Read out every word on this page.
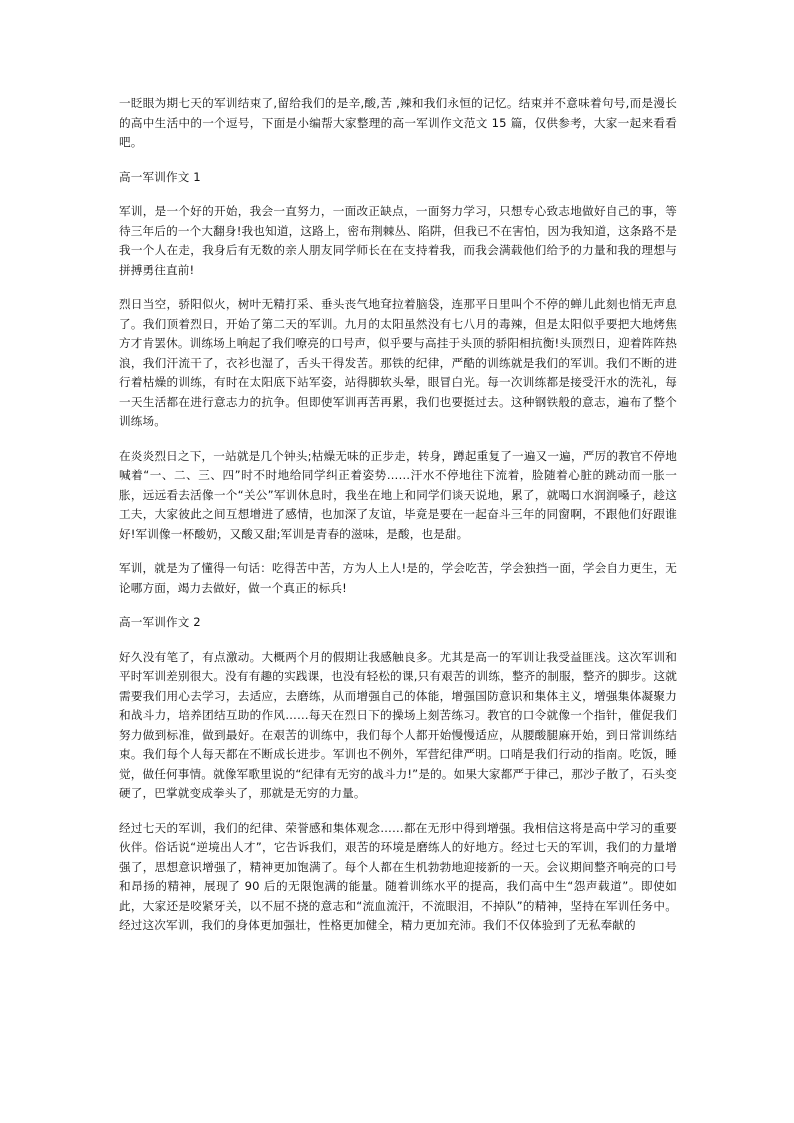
一眨眼为期七天的军训结束了,留给我们的是辛,酸,苦 ,辣和我们永恒的记忆。结束并不意味着句号,而是漫长的高中生活中的一个逗号，下面是小编帮大家整理的高一军训作文范文 15 篇，仅供参考，大家一起来看看吧。

高一军训作文 1

军训，是一个好的开始，我会一直努力，一面改正缺点，一面努力学习，只想专心致志地做好自己的事，等待三年后的一个大翻身!我也知道，这路上，密布荆棘丛、陷阱，但我已不在害怕，因为我知道，这条路不是我一个人在走，我身后有无数的亲人朋友同学师长在在支持着我，而我会满载他们给予的力量和我的理想与拼搏勇往直前!

烈日当空，骄阳似火，树叶无精打采、垂头丧气地耷拉着脑袋，连那平日里叫个不停的蝉儿此刻也悄无声息了。我们顶着烈日，开始了第二天的军训。九月的太阳虽然没有七八月的毒辣，但是太阳似乎要把大地烤焦方才肯罢休。训练场上响起了我们嘹亮的口号声，似乎要与高挂于头顶的骄阳相抗衡!头顶烈日，迎着阵阵热浪，我们汗流干了，衣衫也湿了，舌头干得发苦。那铁的纪律，严酷的训练就是我们的军训。我们不断的进行着枯燥的训练，有时在太阳底下站军姿，站得脚软头晕，眼冒白光。每一次训练都是接受汗水的洗礼，每一天生活都在进行意志力的抗争。但即使军训再苦再累，我们也要挺过去。这种钢铁般的意志，遍布了整个训练场。

在炎炎烈日之下，一站就是几个钟头;枯燥无味的正步走，转身，蹲起重复了一遍又一遍，严厉的教官不停地喊着“一、二、三、四”时不时地给同学纠正着姿势……汗水不停地往下流着，脸随着心脏的跳动而一胀一胀，远远看去活像一个“关公”军训休息时，我坐在地上和同学们谈天说地，累了，就喝口水润润嗓子，趁这工夫，大家彼此之间互想增进了感情，也加深了友谊，毕竟是要在一起奋斗三年的同窗啊，不跟他们好跟谁好!军训像一杯酸奶，又酸又甜;军训是青春的滋味，是酸，也是甜。

军训，就是为了懂得一句话：吃得苦中苦，方为人上人!是的，学会吃苦，学会独挡一面，学会自力更生，无论哪方面，竭力去做好，做一个真正的标兵!

高一军训作文 2

好久没有笔了，有点激动。大概两个月的假期让我感触良多。尤其是高一的军训让我受益匪浅。这次军训和平时军训差别很大。没有有趣的实践课，也没有轻松的课,只有艰苦的训练，整齐的制服，整齐的脚步。这就需要我们用心去学习，去适应，去磨练，从而增强自己的体能，增强国防意识和集体主义，增强集体凝聚力和战斗力，培养团结互助的作风……每天在烈日下的操场上刻苦练习。教官的口令就像一个指针，催促我们努力做到标准，做到最好。在艰苦的训练中，我们每个人都开始慢慢适应，从腰酸腿麻开始，到日常训练结束。我们每个人每天都在不断成长进步。军训也不例外，军营纪律严明。口哨是我们行动的指南。吃饭，睡觉，做任何事情。就像军歌里说的“纪律有无穷的战斗力!”是的。如果大家都严于律己，那沙子散了，石头变硬了，巴掌就变成拳头了，那就是无穷的力量。

经过七天的军训，我们的纪律、荣誉感和集体观念……都在无形中得到增强。我相信这将是高中学习的重要伙伴。俗话说“逆境出人才”，它告诉我们，艰苦的环境是磨练人的好地方。经过七天的军训，我们的力量增强了，思想意识增强了，精神更加饱满了。每个人都在生机勃勃地迎接新的一天。会议期间整齐响亮的口号和昂扬的精神，展现了 90 后的无限饱满的能量。随着训练水平的提高，我们高中生“怨声载道”。即使如此，大家还是咬紧牙关，以不屈不挠的意志和“流血流汗，不流眼泪，不掉队”的精神，坚持在军训任务中。经过这次军训，我们的身体更加强壮，性格更加健全，精力更加充沛。我们不仅体验到了无私奉献的
